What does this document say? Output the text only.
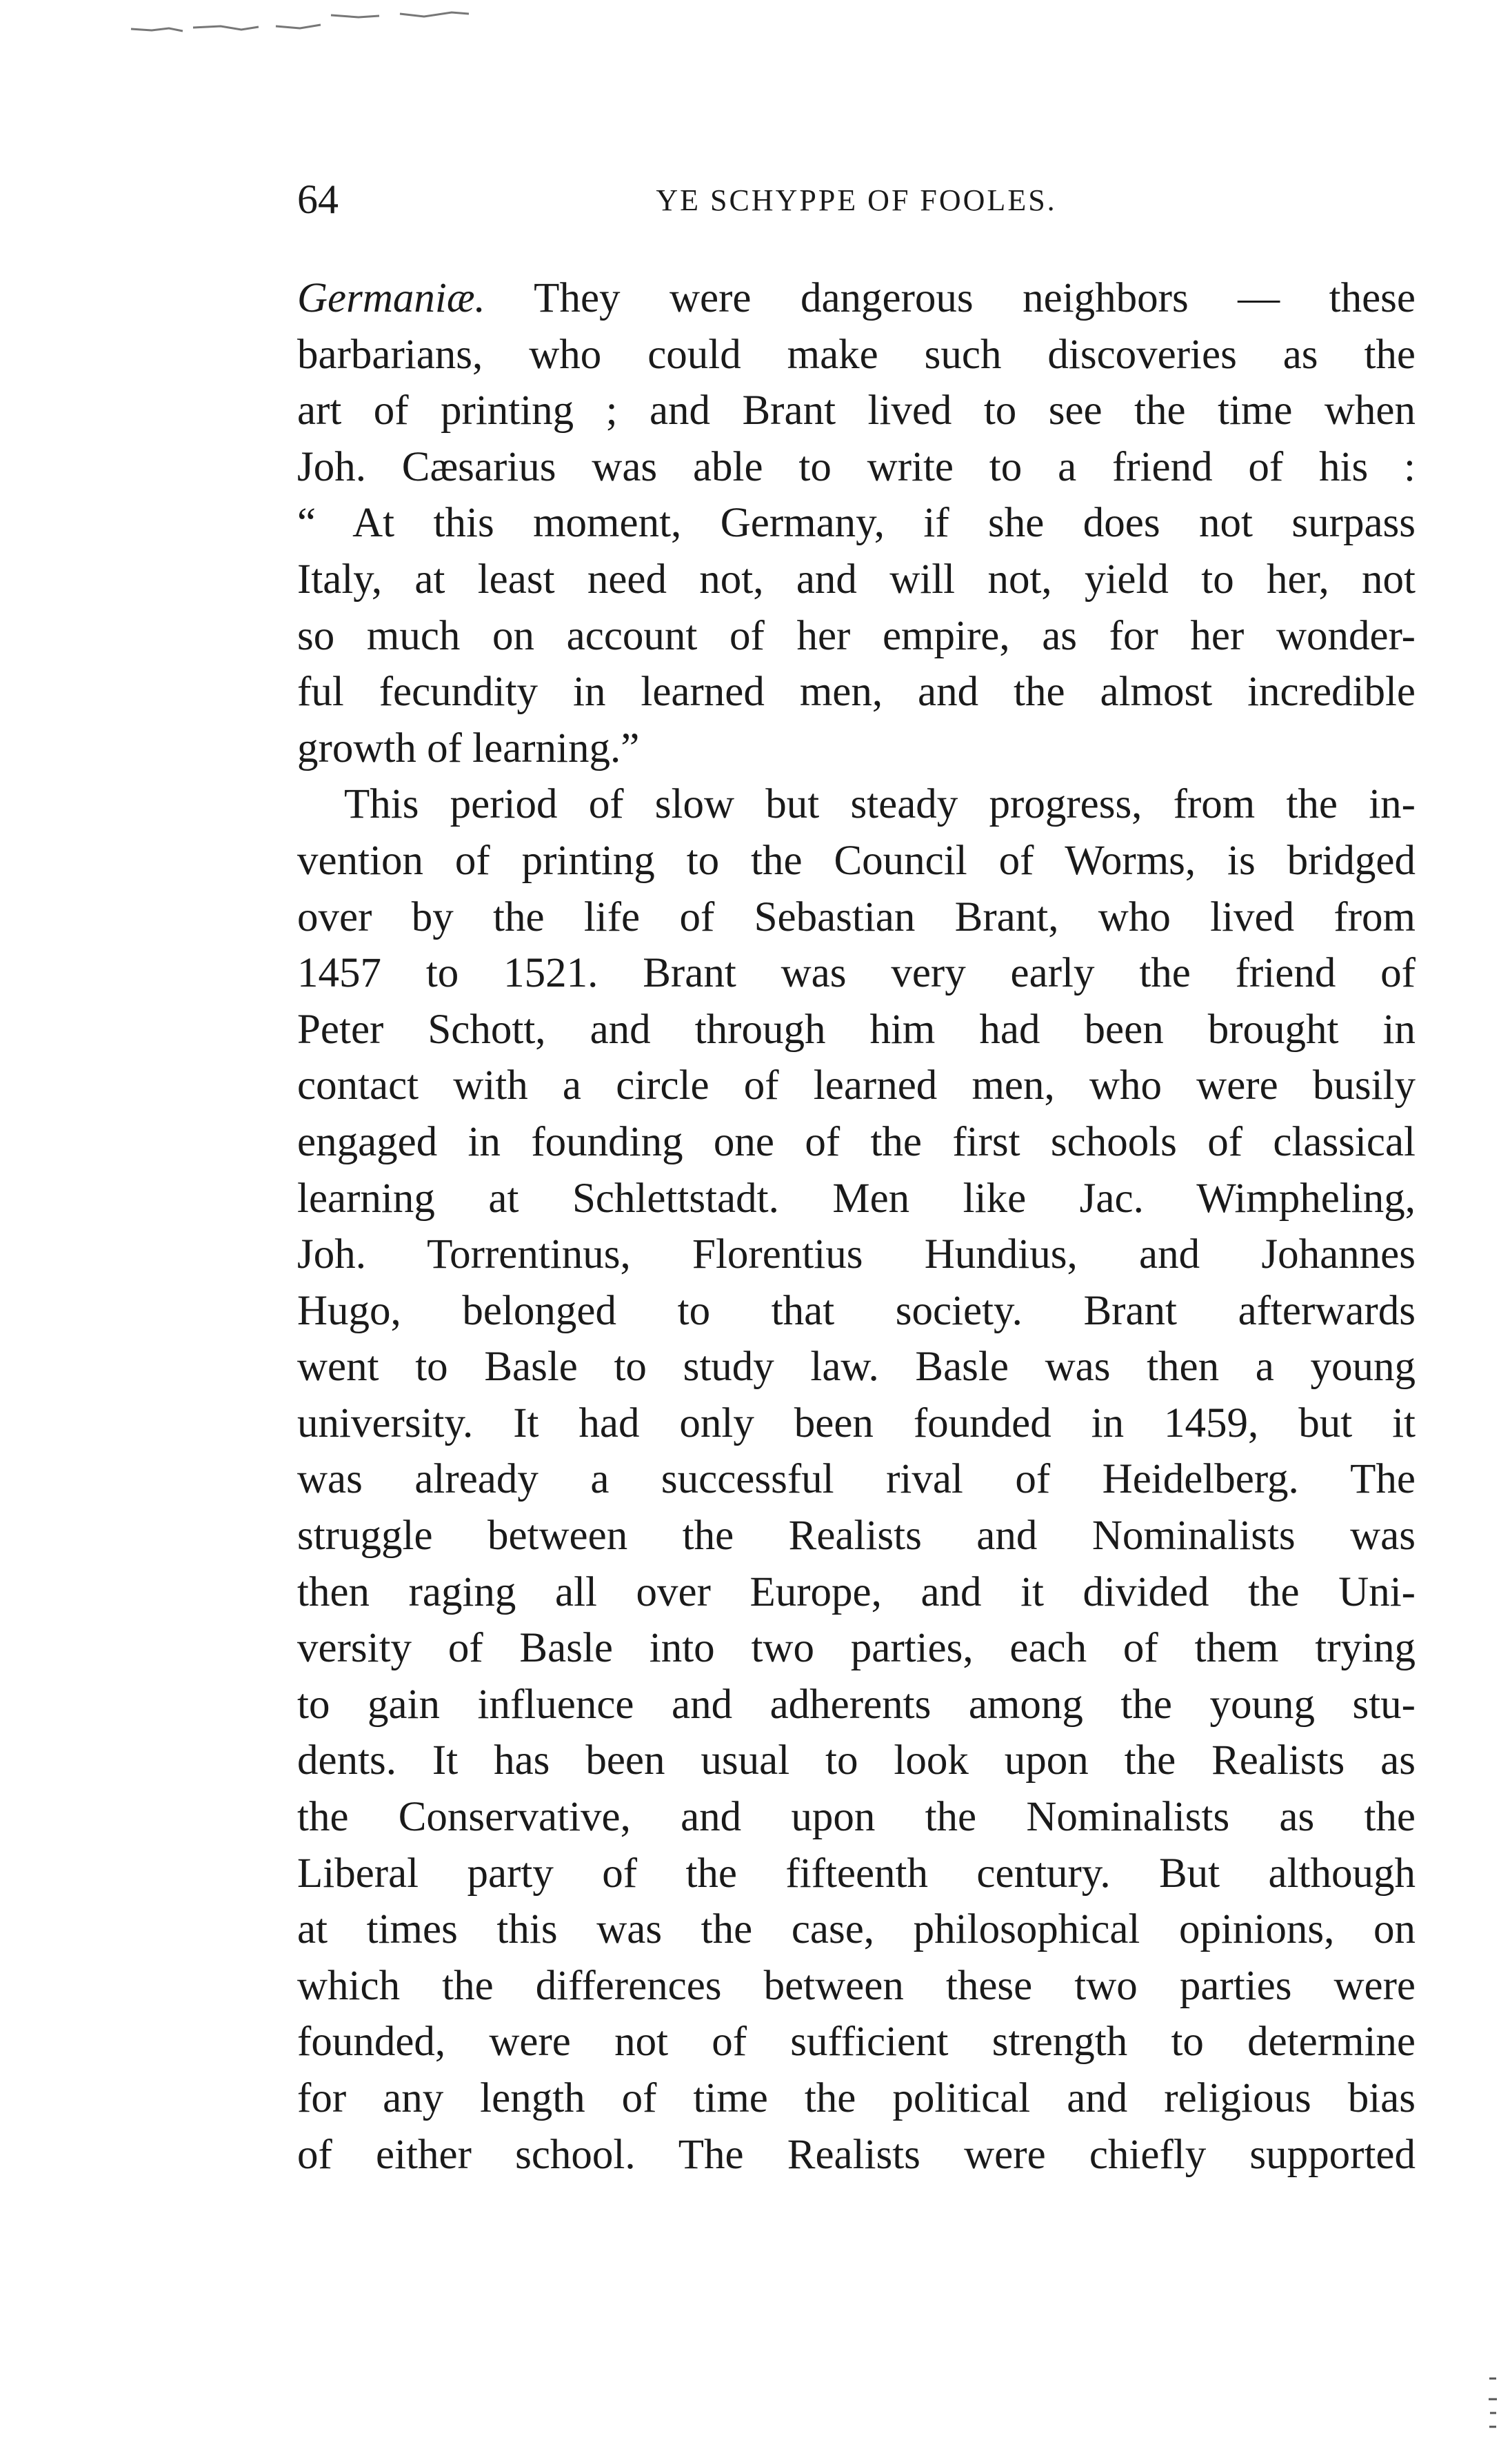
64	YE SCHYPPE OF FOOLES.
Germaniæ. They were dangerous neighbors — these
barbarians, who could make such discoveries as the
art of printing ; and Brant lived to see the time when
Joh. Cæsarius was able to write to a friend of his :
“ At this moment, Germany, if she does not surpass
Italy, at least need not, and will not, yield to her, not
so much on account of her empire, as for her wonder-
ful fecundity in learned men, and the almost incredible
growth of learning.”
This period of slow but steady progress, from the in-
vention of printing to the Council of Worms, is bridged
over by the life of Sebastian Brant, who lived from
1457 to 1521. Brant was very early the friend of
Peter Schott, and through him had been brought in
contact with a circle of learned men, who were busily
engaged in founding one of the first schools of classical
learning at Schlettstadt. Men like Jac. Wimpheling,
Joh. Torrentinus, Florentius Hundius, and Johannes
Hugo, belonged to that society. Brant afterwards
went to Basle to study law. Basle was then a young
university. It had only been founded in 1459, but it
was already a successful rival of Heidelberg. The
struggle between the Realists and Nominalists was
then raging all over Europe, and it divided the Uni-
versity of Basle into two parties, each of them trying
to gain influence and adherents among the young stu-
dents. It has been usual to look upon the Realists as
the Conservative, and upon the Nominalists as the
Liberal party of the fifteenth century. But although
at times this was the case, philosophical opinions, on
which the differences between these two parties were
founded, were not of sufficient strength to determine
for any length of time the political and religious bias
of either school. The Realists were chiefly supported
